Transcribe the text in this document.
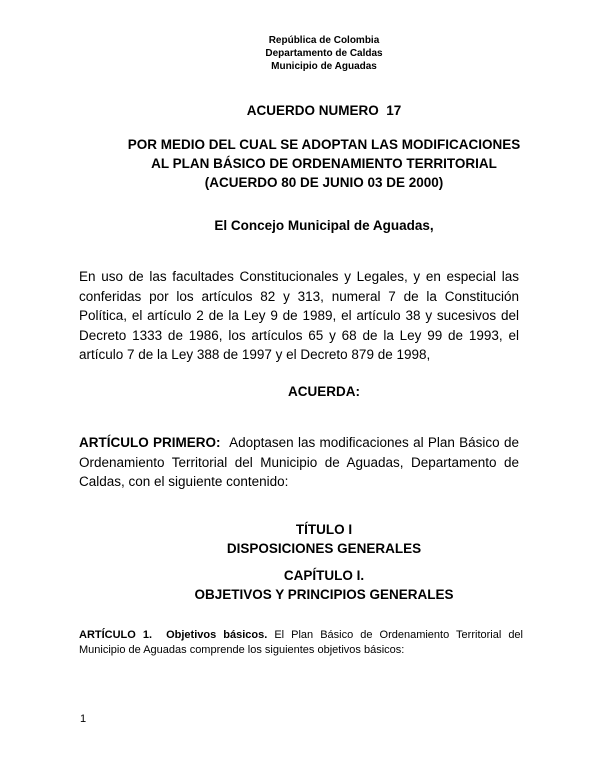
República de Colombia
Departamento de Caldas
Municipio de Aguadas
ACUERDO NUMERO  17
POR MEDIO DEL CUAL SE ADOPTAN LAS MODIFICACIONES
AL PLAN BÁSICO DE ORDENAMIENTO TERRITORIAL
(ACUERDO 80 DE JUNIO 03 DE 2000)
El Concejo Municipal de Aguadas,
En uso de las facultades Constitucionales y Legales, y en especial las conferidas por los artículos 82 y 313, numeral 7 de la Constitución Política, el artículo 2 de la Ley 9 de 1989, el artículo 38 y sucesivos del Decreto 1333 de 1986, los artículos 65 y 68 de la Ley 99 de 1993, el artículo 7 de la Ley 388 de 1997 y el Decreto 879 de 1998,
ACUERDA:
ARTÍCULO PRIMERO: Adoptasen las modificaciones al Plan Básico de Ordenamiento Territorial del Municipio de Aguadas, Departamento de Caldas, con el siguiente contenido:
TÍTULO I
DISPOSICIONES GENERALES
CAPÍTULO I.
OBJETIVOS Y PRINCIPIOS GENERALES
ARTÍCULO 1.  Objetivos básicos. El Plan Básico de Ordenamiento Territorial del Municipio de Aguadas comprende los siguientes objetivos básicos:
1
